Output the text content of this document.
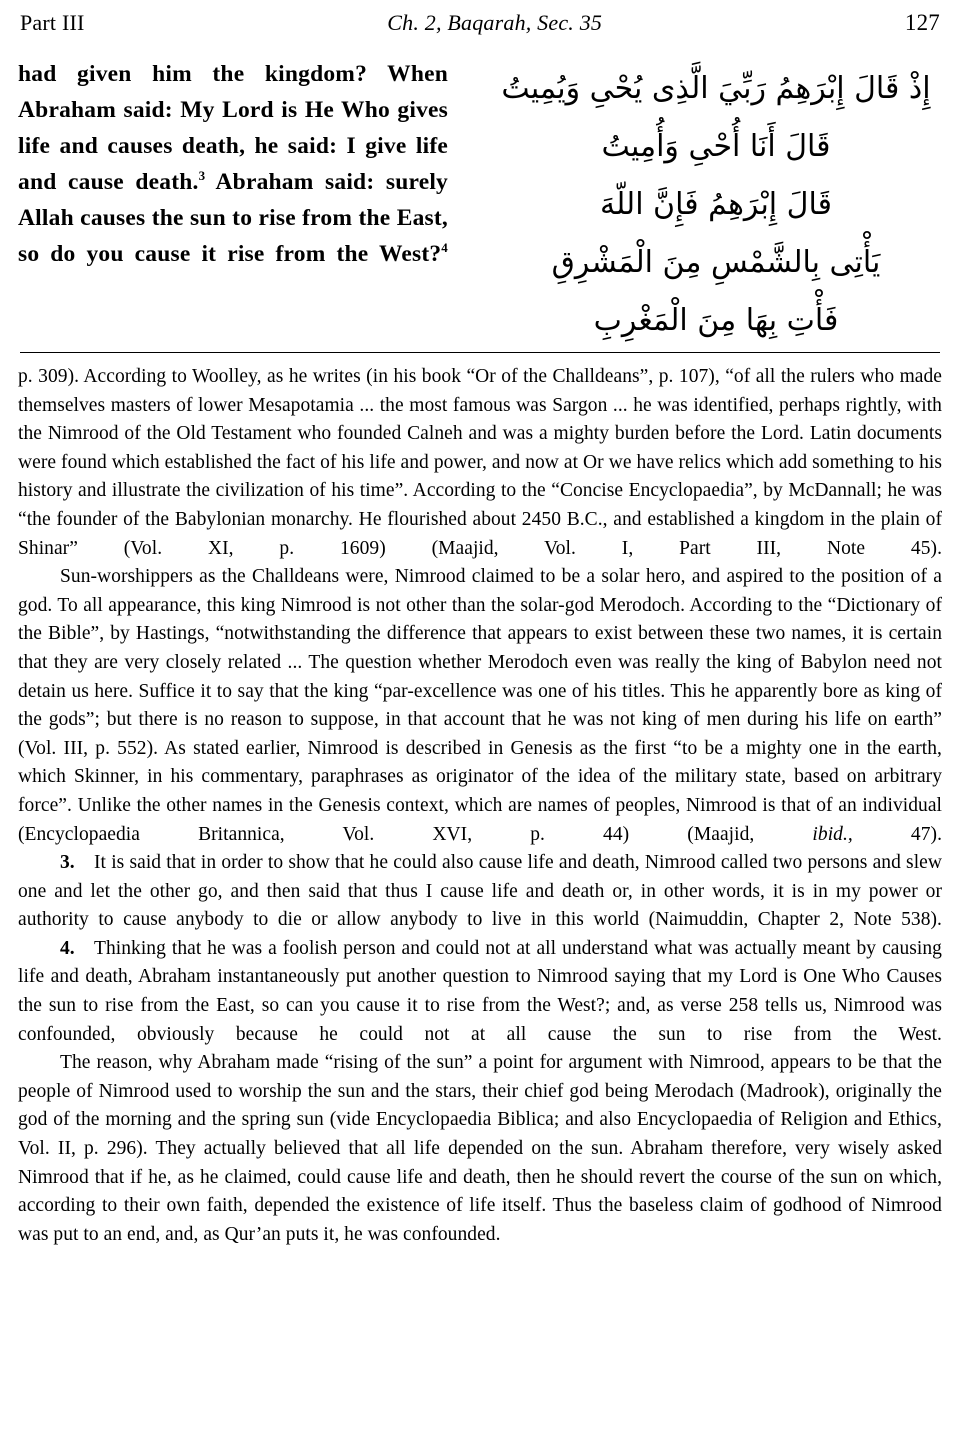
Part III	Ch. 2, Baqarah, Sec. 35	127
had given him the kingdom? When Abraham said: My Lord is He Who gives life and causes death, he said: I give life and cause death.$^3$ Abraham said: surely Allah causes the sun to rise from the East, so do you cause it rise from the West?$^4$
إِذْ قَالَ إِبْرَهِمُ رَبِّيَ الَّذِى يُحْىِ وَيُمِيتُ
قَالَ أَنَا أُحْىِ وَأُمِيتُ
قَالَ إِبْرَهِمُ فَإِنَّ اللّهَ
يَأْتِى بِالشَّمْسِ مِنَ الْمَشْرِقِ
فَأْتِ بِهَا مِنَ الْمَغْرِبِ

p. 309). According to Woolley, as he writes (in his book “Or of the Challdeans”, p. 107), “of all the rulers who made themselves masters of lower Mesapotamia ... the most famous was Sargon ... he was identified, perhaps rightly, with the Nimrood of the Old Testament who founded Calneh and was a mighty burden before the Lord. Latin documents were found which established the fact of his life and power, and now at Or we have relics which add something to his history and illustrate the civilization of his time”. According to the “Concise Encyclopaedia”, by McDannall; he was “the founder of the Babylonian monarchy. He flourished about 2450 B.C., and established a kingdom in the plain of Shinar” (Vol. XI, p. 1609) (Maajid, Vol. I, Part III, Note 45).

Sun-worshippers as the Challdeans were, Nimrood claimed to be a solar hero, and aspired to the position of a god. To all appearance, this king Nimrood is not other than the solar-god Merodoch. According to the “Dictionary of the Bible”, by Hastings, “notwithstanding the difference that appears to exist between these two names, it is certain that they are very closely related ... The question whether Merodoch even was really the king of Babylon need not detain us here. Suffice it to say that the king “par-excellence was one of his titles. This he apparently bore as king of the gods”; but there is no reason to suppose, in that account that he was not king of men during his life on earth” (Vol. III, p. 552). As stated earlier, Nimrood is described in Genesis as the first “to be a mighty one in the earth, which Skinner, in his commentary, paraphrases as originator of the idea of the military state, based on arbitrary force”. Unlike the other names in the Genesis context, which are names of peoples, Nimrood is that of an individual (Encyclopaedia Britannica, Vol. XVI, p. 44) (Maajid, ibid., 47).

3. It is said that in order to show that he could also cause life and death, Nimrood called two persons and slew one and let the other go, and then said that thus I cause life and death or, in other words, it is in my power or authority to cause anybody to die or allow anybody to live in this world (Naimuddin, Chapter 2, Note 538).

4. Thinking that he was a foolish person and could not at all understand what was actually meant by causing life and death, Abraham instantaneously put another question to Nimrood saying that my Lord is One Who Causes the sun to rise from the East, so can you cause it to rise from the West?; and, as verse 258 tells us, Nimrood was confounded, obviously because he could not at all cause the sun to rise from the West.

The reason, why Abraham made “rising of the sun” a point for argument with Nimrood, appears to be that the people of Nimrood used to worship the sun and the stars, their chief god being Merodach (Madrook), originally the god of the morning and the spring sun (vide Encyclopaedia Biblica; and also Encyclopaedia of Religion and Ethics, Vol. II, p. 296). They actually believed that all life depended on the sun. Abraham therefore, very wisely asked Nimrood that if he, as he claimed, could cause life and death, then he should revert the course of the sun on which, according to their own faith, depended the existence of life itself. Thus the baseless claim of godhood of Nimrood was put to an end, and, as Qur’an puts it, he was confounded.
